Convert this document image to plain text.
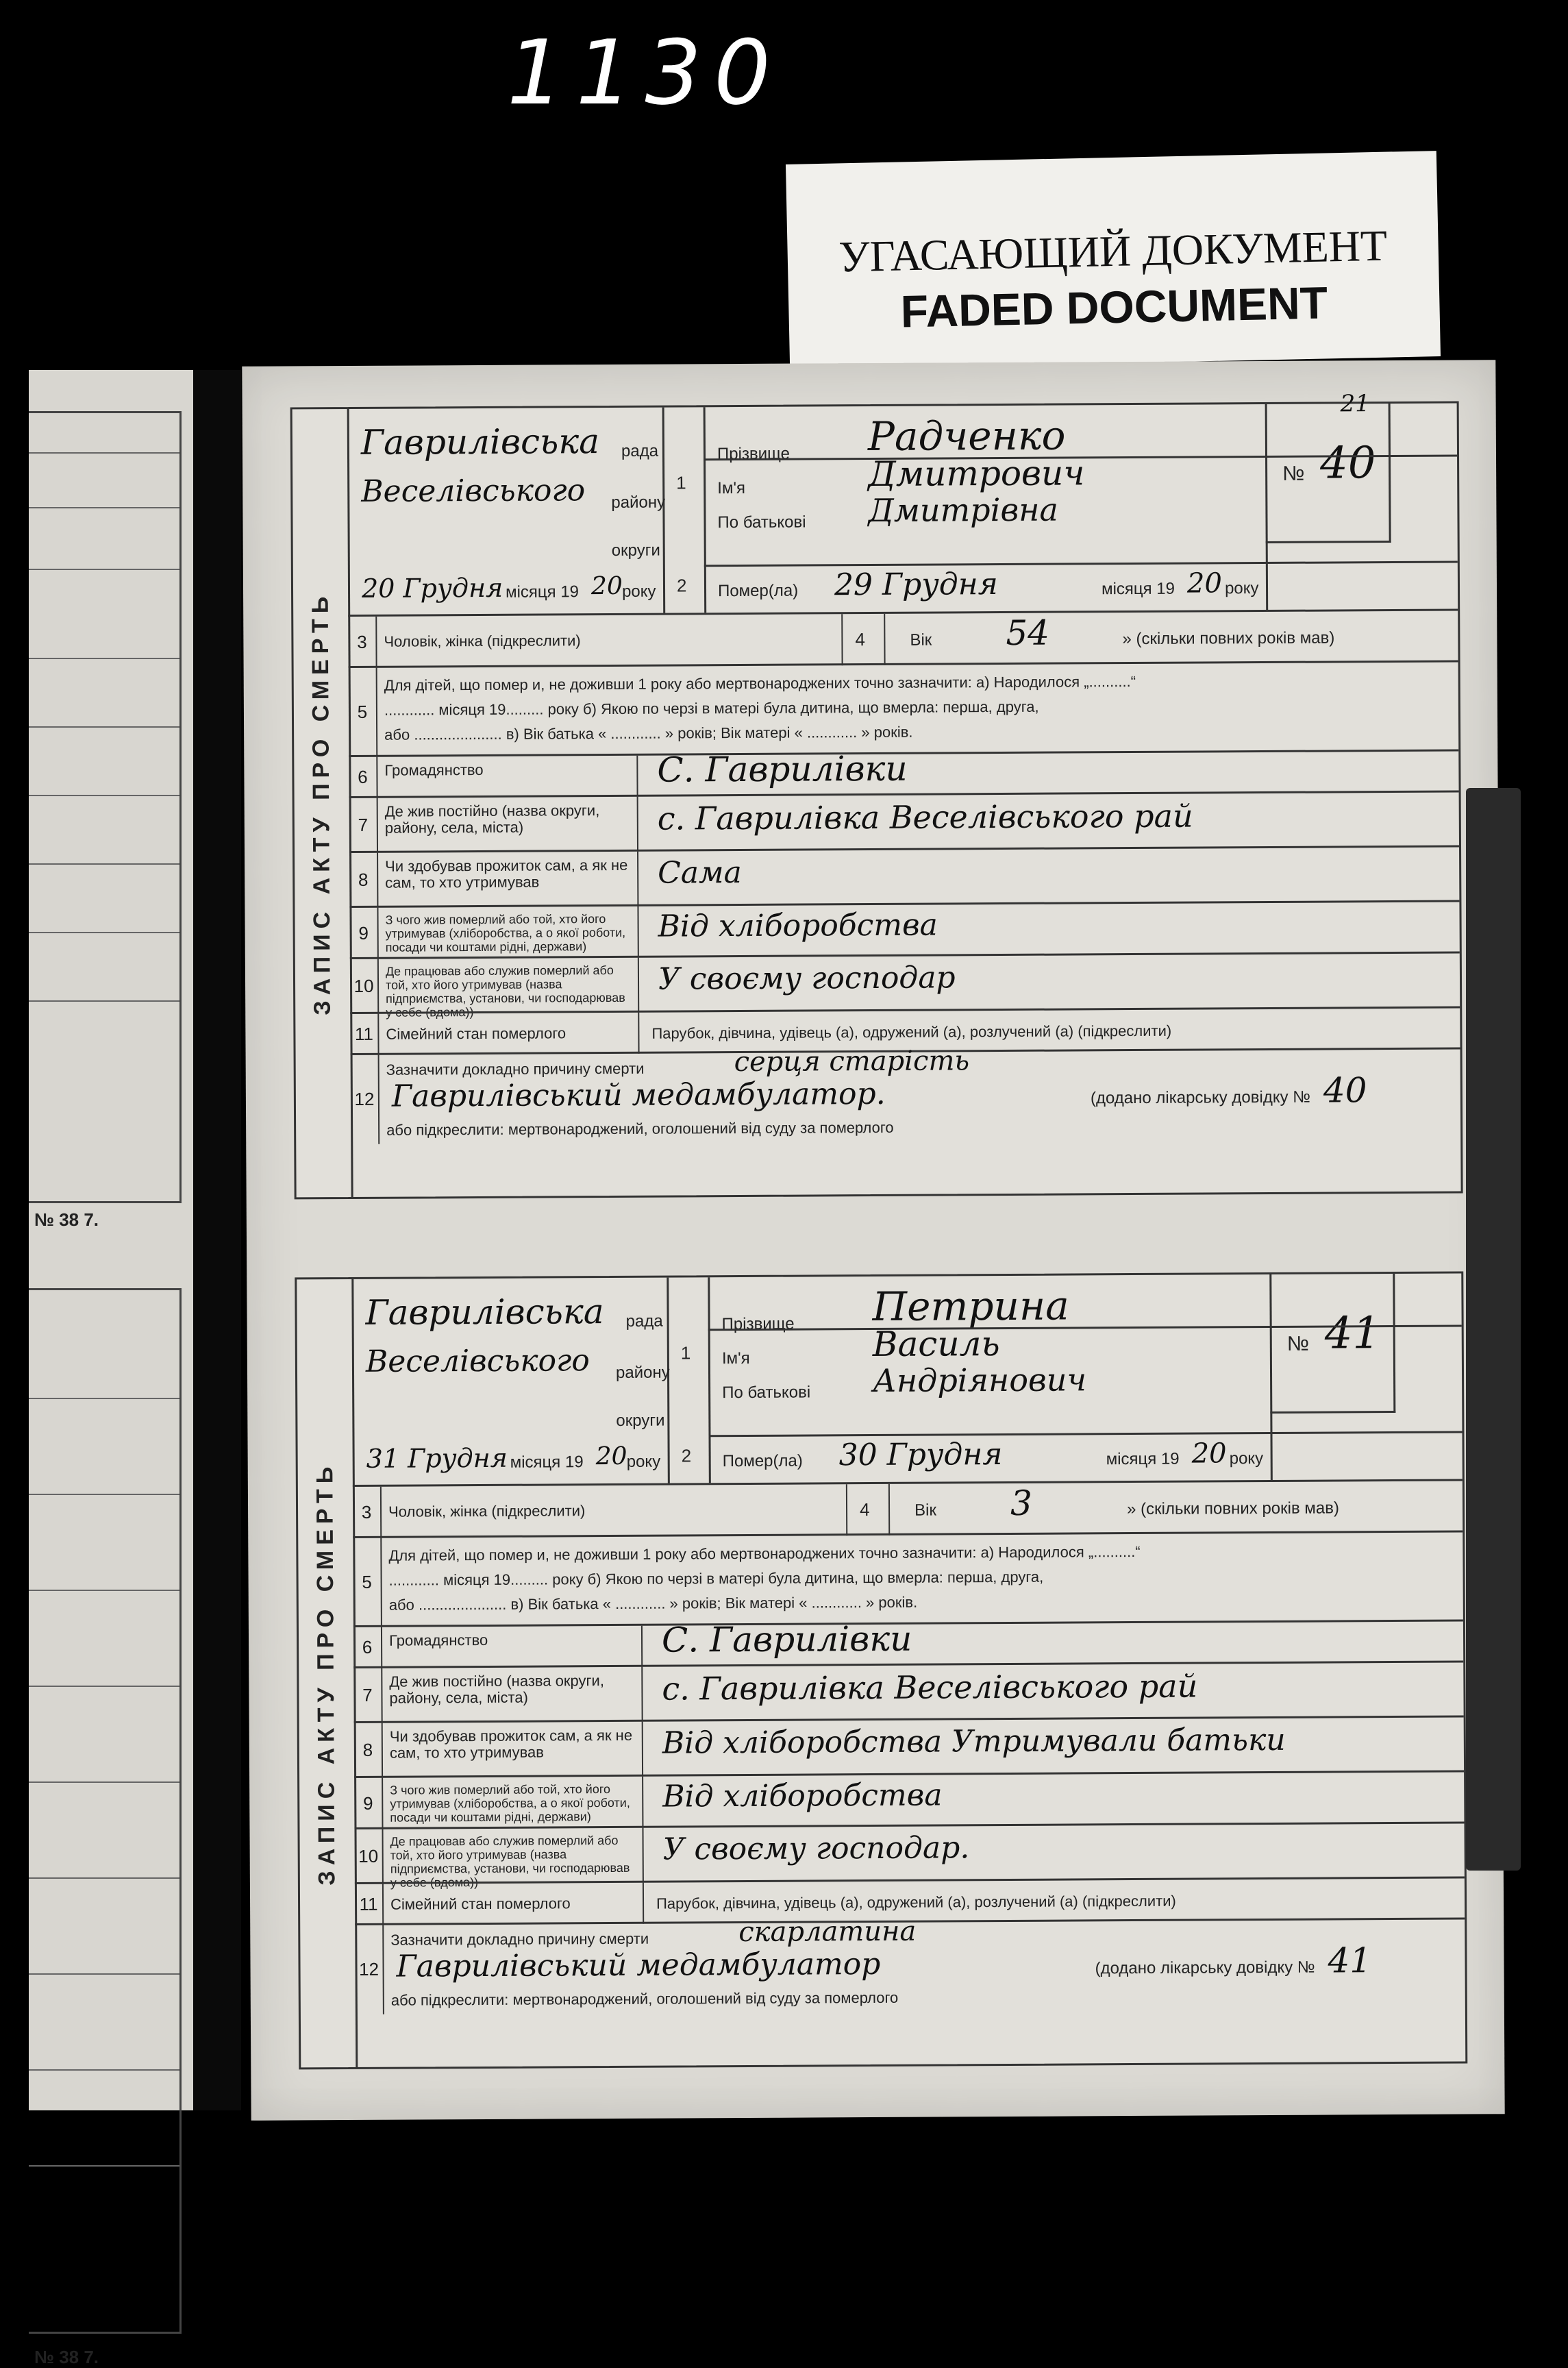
1130
УГАСАЮЩИЙ ДОКУМЕНТ
FADED DOCUMENT
№ 38 7.
№ 38 7.
ЗАПИС АКТУ ПРО СМЕРТЬ
Гаврилівська рада
Веселівського району
округи
20 Грудня місяця 19 20 року
1
2
Прізвище Радченко
Ім'я	Дмитрович
По батькові Дмитрівна
Помер(ла) 29 Грудня	місяця 19 20 року
№ 40
21
3	Чоловік, жінка (підкреслити)	4	Вік 54	» (скільки повних років мав)
5
Для дітей, що помер и, не доживши 1 року або мертвонароджених точно зазначити: а) Народилося „..........“
............ місяця 19......... року б) Якою по черзі в матері була дитина, що вмерла: перша, друга,
або ..................... в) Вік батька « ............ » років; Вік матері « ............ » років.
6	Громадянство	С. Гаврилівки
7
Де жив постійно (назва округи, району, села, міста)	с. Гаврилівка Веселівського рай
8
Чи здобував прожиток сам, а як не сам, то хто утримував	Сама
9
З чого жив померлий або той, хто його утримував (хліборобства, а о якої роботи, посади чи коштами рідні, держави)
Від хліборобства
10
Де працював або служив померлий або той, хто його утримував (назва підприємства, установи, чи господарював у себе (вдома))
У своєму господар
11 Сімейний стан померлого	Парубок, дівчина, удівець (а), одружений (а), розлучений (а) (підкреслити)
12
Зазначити докладно причину смерти	серця старість
Гаврилівський медамбулатор.	(додано лікарську довідку № 40
або підкреслити: мертвонароджений, оголошений від суду за померлого
ЗАПИС АКТУ ПРО СМЕРТЬ
Гаврилівська рада
Веселівського району
округи
31 Грудня місяця 19 20 року
1
2
Прізвище Петрина
Ім'я	Василь
По батькові Андріянович
Помер(ла) 30 Грудня	місяця 19 20 року
№ 41
3	Чоловік, жінка (підкреслити)	4	Вік 3	» (скільки повних років мав)
5
Для дітей, що помер и, не доживши 1 року або мертвонароджених точно зазначити: а) Народилося „..........“
............ місяця 19......... року б) Якою по черзі в матері була дитина, що вмерла: перша, друга,
або ..................... в) Вік батька « ............ » років; Вік матері « ............ » років.
6	Громадянство	С. Гаврилівки
7
Де жив постійно (назва округи, району, села, міста)	с. Гаврилівка Веселівського рай
8
Чи здобував прожиток сам, а як не сам, то хто утримував	Від хліборобства Утримували батьки
9
З чого жив померлий або той, хто його утримував (хліборобства, а о якої роботи, посади чи коштами рідні, держави)
Від хліборобства
10
Де працював або служив померлий або той, хто його утримував (назва підприємства, установи, чи господарював у себе (вдома))
У своєму господар.
11 Сімейний стан померлого	Парубок, дівчина, удівець (а), одружений (а), розлучений (а) (підкреслити)
12
Зазначити докладно причину смерти	скарлатина
Гаврилівський медамбулатор	(додано лікарську довідку № 41
або підкреслити: мертвонароджений, оголошений від суду за померлого
